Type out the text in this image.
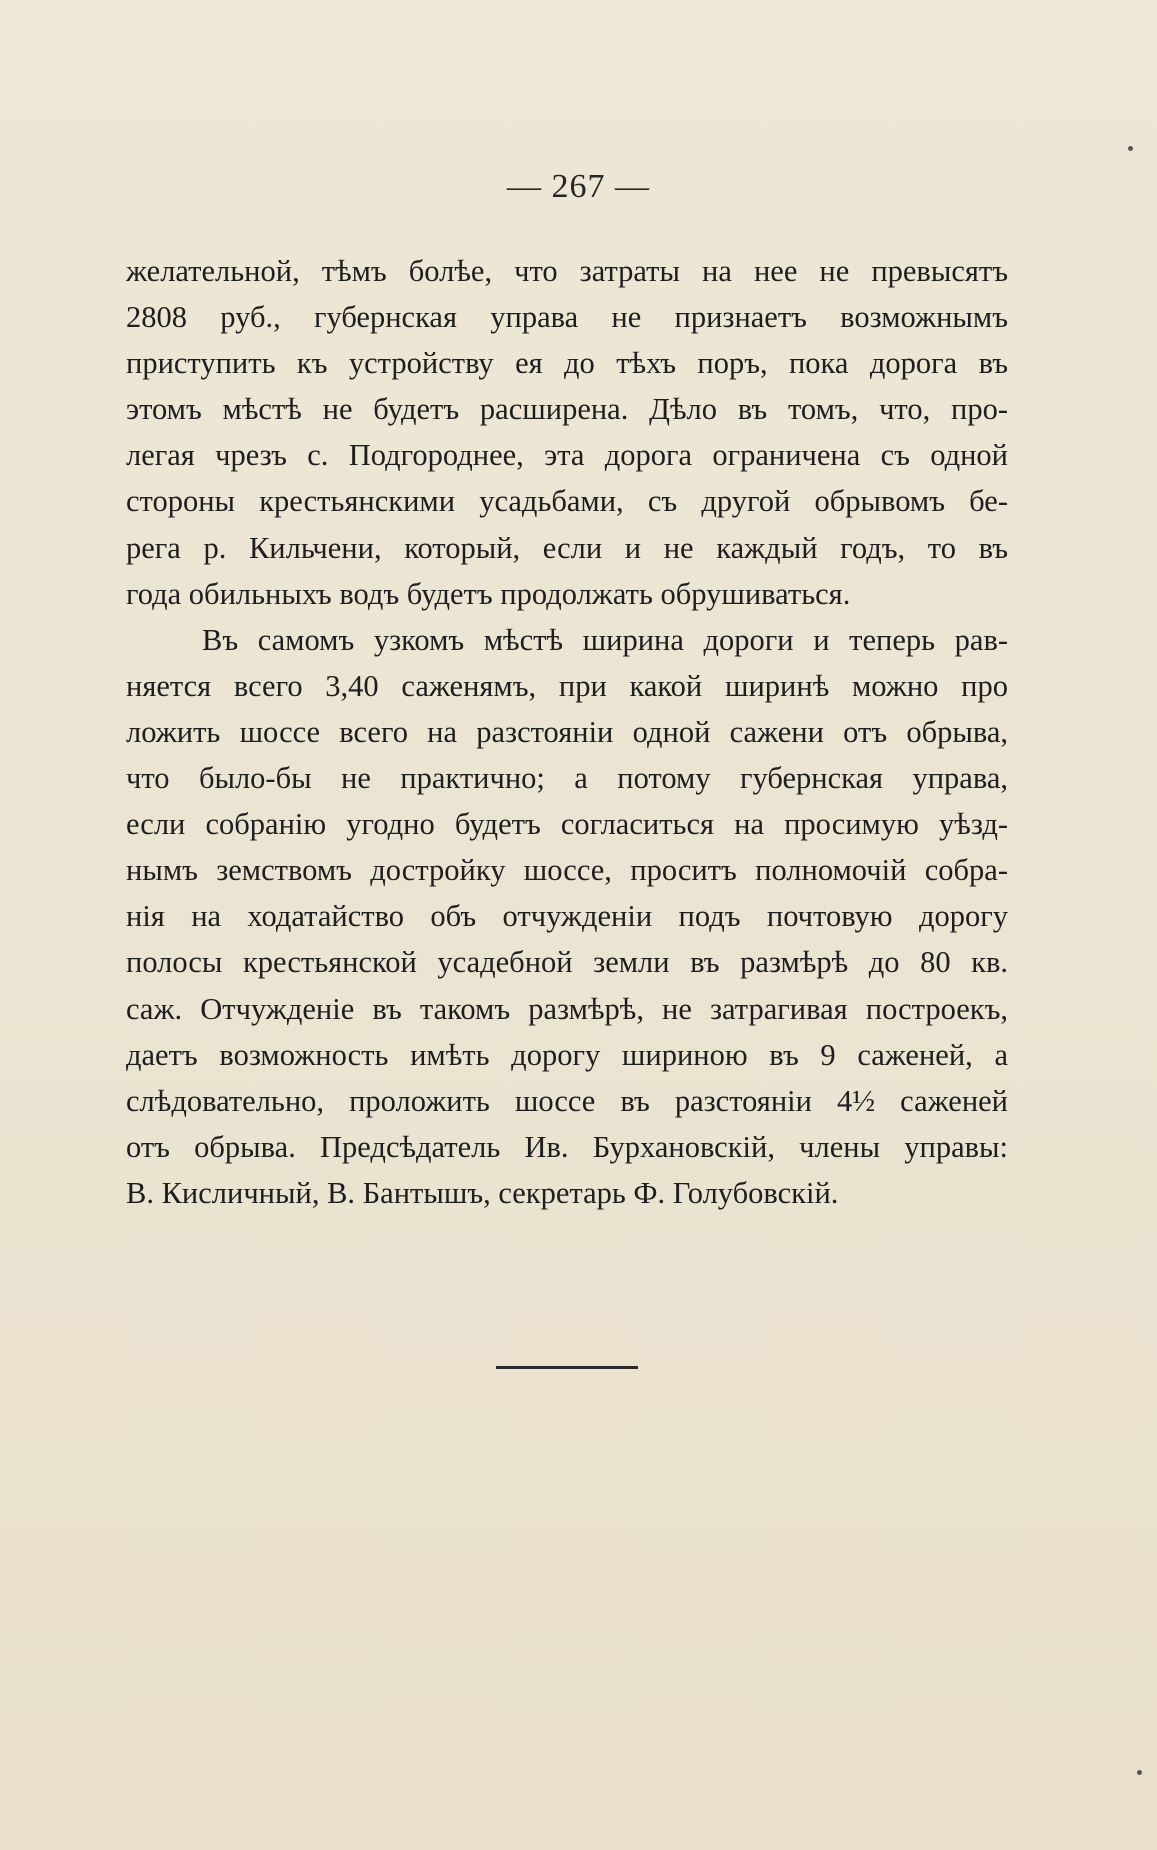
— 267 —
желательной, тѣмъ болѣе, что затраты на нее не превысятъ
2808 руб., губернская управа не признаетъ возможнымъ
приступить къ устройству ея до тѣхъ поръ, пока дорога въ
этомъ мѣстѣ не будетъ расширена. Дѣло въ томъ, что, про-
легая чрезъ с. Подгороднее, эта дорога ограничена съ одной
стороны крестьянскими усадьбами, съ другой обрывомъ бе-
рега р. Кильчени, который, если и не каждый годъ, то въ
года обильныхъ водъ будетъ продолжать обрушиваться.
Въ самомъ узкомъ мѣстѣ ширина дороги и теперь рав-
няется всего 3,40 саженямъ, при какой ширинѣ можно про
ложить шоссе всего на разстояніи одной сажени отъ обрыва,
что было-бы не практично; а потому губернская управа,
если собранію угодно будетъ согласиться на просимую уѣзд-
нымъ земствомъ достройку шоссе, проситъ полномочій собра-
нія на ходатайство объ отчужденіи подъ почтовую дорогу
полосы крестьянской усадебной земли въ размѣрѣ до 80 кв.
саж. Отчужденіе въ такомъ размѣрѣ, не затрагивая построекъ,
даетъ возможность имѣть дорогу шириною въ 9 саженей, а
слѣдовательно, проложить шоссе въ разстояніи 4½ саженей
отъ обрыва. Предсѣдатель Ив. Бурхановскій, члены управы:
В. Кисличный, В. Бантышъ, секретарь Ф. Голубовскій.
